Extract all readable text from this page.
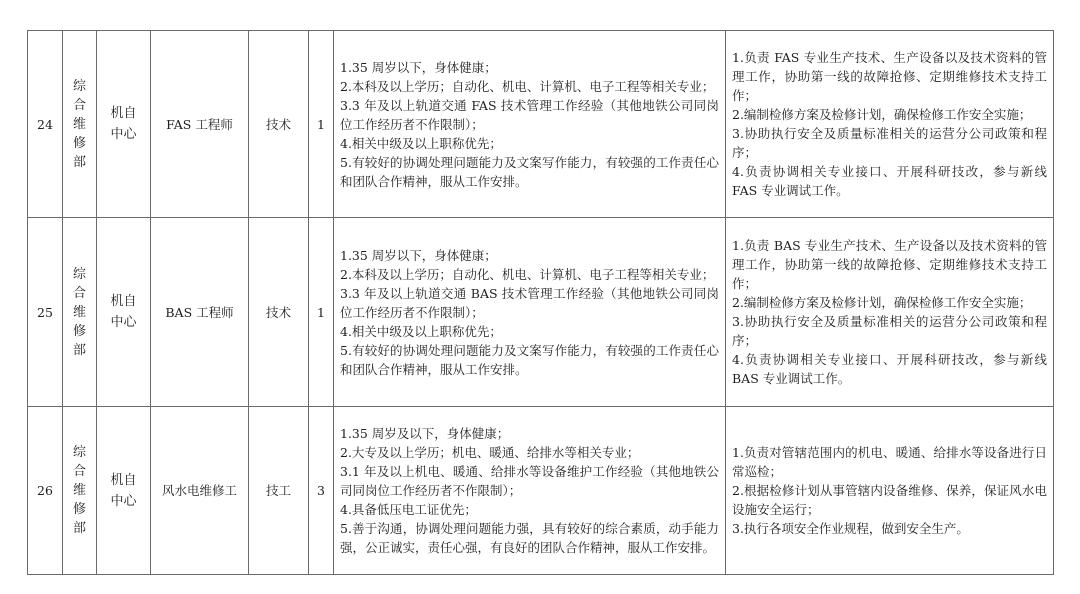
24	综合维修部	机自中心	FAS 工程师	技术	1	1.35 周岁以下，身体健康；
2.本科及以上学历；自动化、机电、计算机、电子工程等相关专业；
3.3 年及以上轨道交通 FAS 技术管理工作经验（其他地铁公司同岗位工作经历者不作限制）；
4.相关中级及以上职称优先；
5.有较好的协调处理问题能力及文案写作能力，有较强的工作责任心和团队合作精神，服从工作安排。	1.负责 FAS 专业生产技术、生产设备以及技术资料的管理工作，协助第一线的故障抢修、定期维修技术支持工作；
2.编制检修方案及检修计划，确保检修工作安全实施；
3.协助执行安全及质量标准相关的运营分公司政策和程序；
4.负责协调相关专业接口、开展科研技改，参与新线 FAS 专业调试工作。

25	综合维修部	机自中心	BAS 工程师	技术	1	1.35 周岁以下，身体健康；
2.本科及以上学历；自动化、机电、计算机、电子工程等相关专业；
3.3 年及以上轨道交通 BAS 技术管理工作经验（其他地铁公司同岗位工作经历者不作限制）；
4.相关中级及以上职称优先；
5.有较好的协调处理问题能力及文案写作能力，有较强的工作责任心和团队合作精神，服从工作安排。	1.负责 BAS 专业生产技术、生产设备以及技术资料的管理工作，协助第一线的故障抢修、定期维修技术支持工作；
2.编制检修方案及检修计划，确保检修工作安全实施；
3.协助执行安全及质量标准相关的运营分公司政策和程序；
4.负责协调相关专业接口、开展科研技改，参与新线 BAS 专业调试工作。

26	综合维修部	机自中心	风水电维修工	技工	3	1.35 周岁及以下，身体健康；
2.大专及以上学历；机电、暖通、给排水等相关专业；
3.1 年及以上机电、暖通、给排水等设备维护工作经验（其他地铁公司同岗位工作经历者不作限制）；
4.具备低压电工证优先；
5.善于沟通，协调处理问题能力强，具有较好的综合素质，动手能力强，公正诚实，责任心强，有良好的团队合作精神，服从工作安排。	1.负责对管辖范围内的机电、暖通、给排水等设备进行日常巡检；
2.根据检修计划从事管辖内设备维修、保养，保证风水电设施安全运行；
3.执行各项安全作业规程，做到安全生产。
